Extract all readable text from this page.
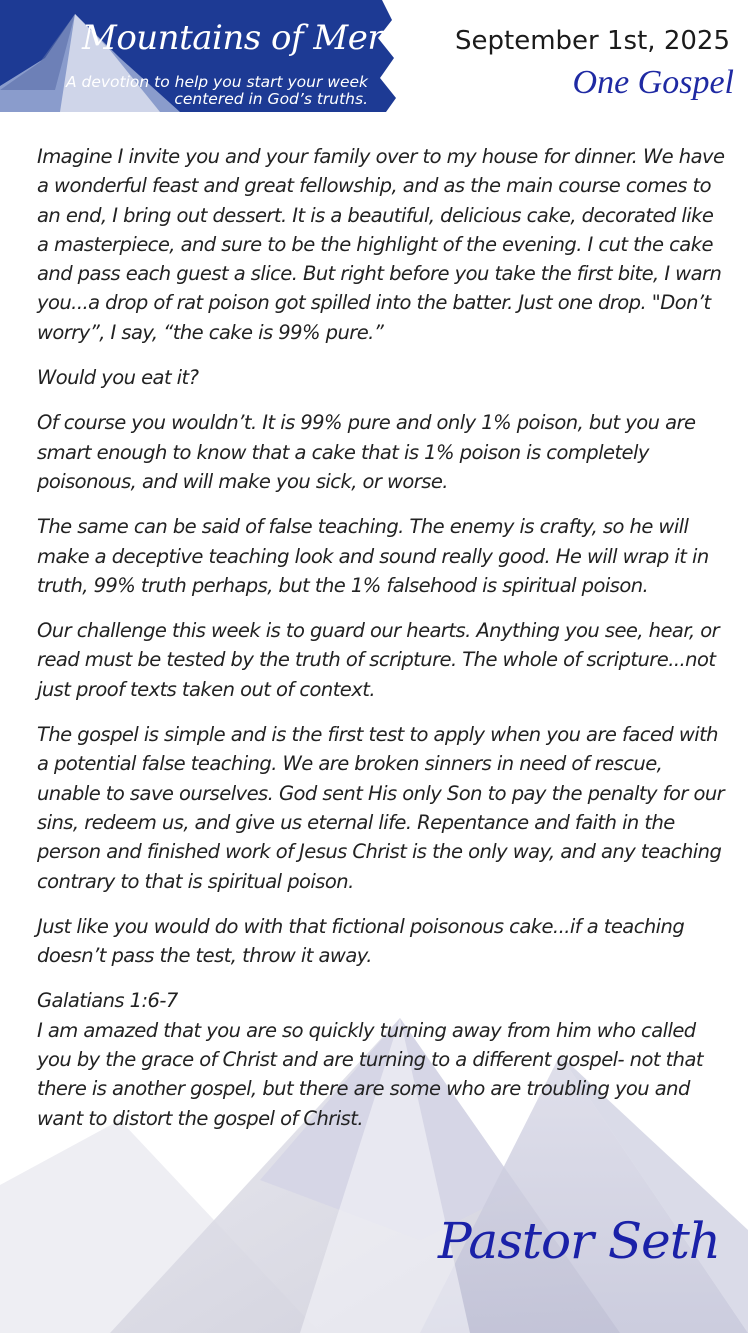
Mountains of Mercy
A devotion to help you start your week centered in God’s truths.
September 1st, 2025
One Gospel

Imagine I invite you and your family over to my house for dinner. We have a wonderful feast and great fellowship, and as the main course comes to an end, I bring out dessert. It is a beautiful, delicious cake, decorated like a masterpiece, and sure to be the highlight of the evening. I cut the cake and pass each guest a slice. But right before you take the first bite, I warn you...a drop of rat poison got spilled into the batter. Just one drop. "Don’t worry”, I say, “the cake is 99% pure.”

Would you eat it?

Of course you wouldn’t. It is 99% pure and only 1% poison, but you are smart enough to know that a cake that is 1% poison is completely poisonous, and will make you sick, or worse.

The same can be said of false teaching. The enemy is crafty, so he will make a deceptive teaching look and sound really good. He will wrap it in truth, 99% truth perhaps, but the 1% falsehood is spiritual poison.

Our challenge this week is to guard our hearts. Anything you see, hear, or read must be tested by the truth of scripture. The whole of scripture...not just proof texts taken out of context.

The gospel is simple and is the first test to apply when you are faced with a potential false teaching. We are broken sinners in need of rescue, unable to save ourselves. God sent His only Son to pay the penalty for our sins, redeem us, and give us eternal life. Repentance and faith in the person and finished work of Jesus Christ is the only way, and any teaching contrary to that is spiritual poison.

Just like you would do with that fictional poisonous cake...if a teaching doesn’t pass the test, throw it away.

Galatians 1:6-7
I am amazed that you are so quickly turning away from him who called you by the grace of Christ and are turning to a different gospel- not that there is another gospel, but there are some who are troubling you and want to distort the gospel of Christ.
Pastor Seth
